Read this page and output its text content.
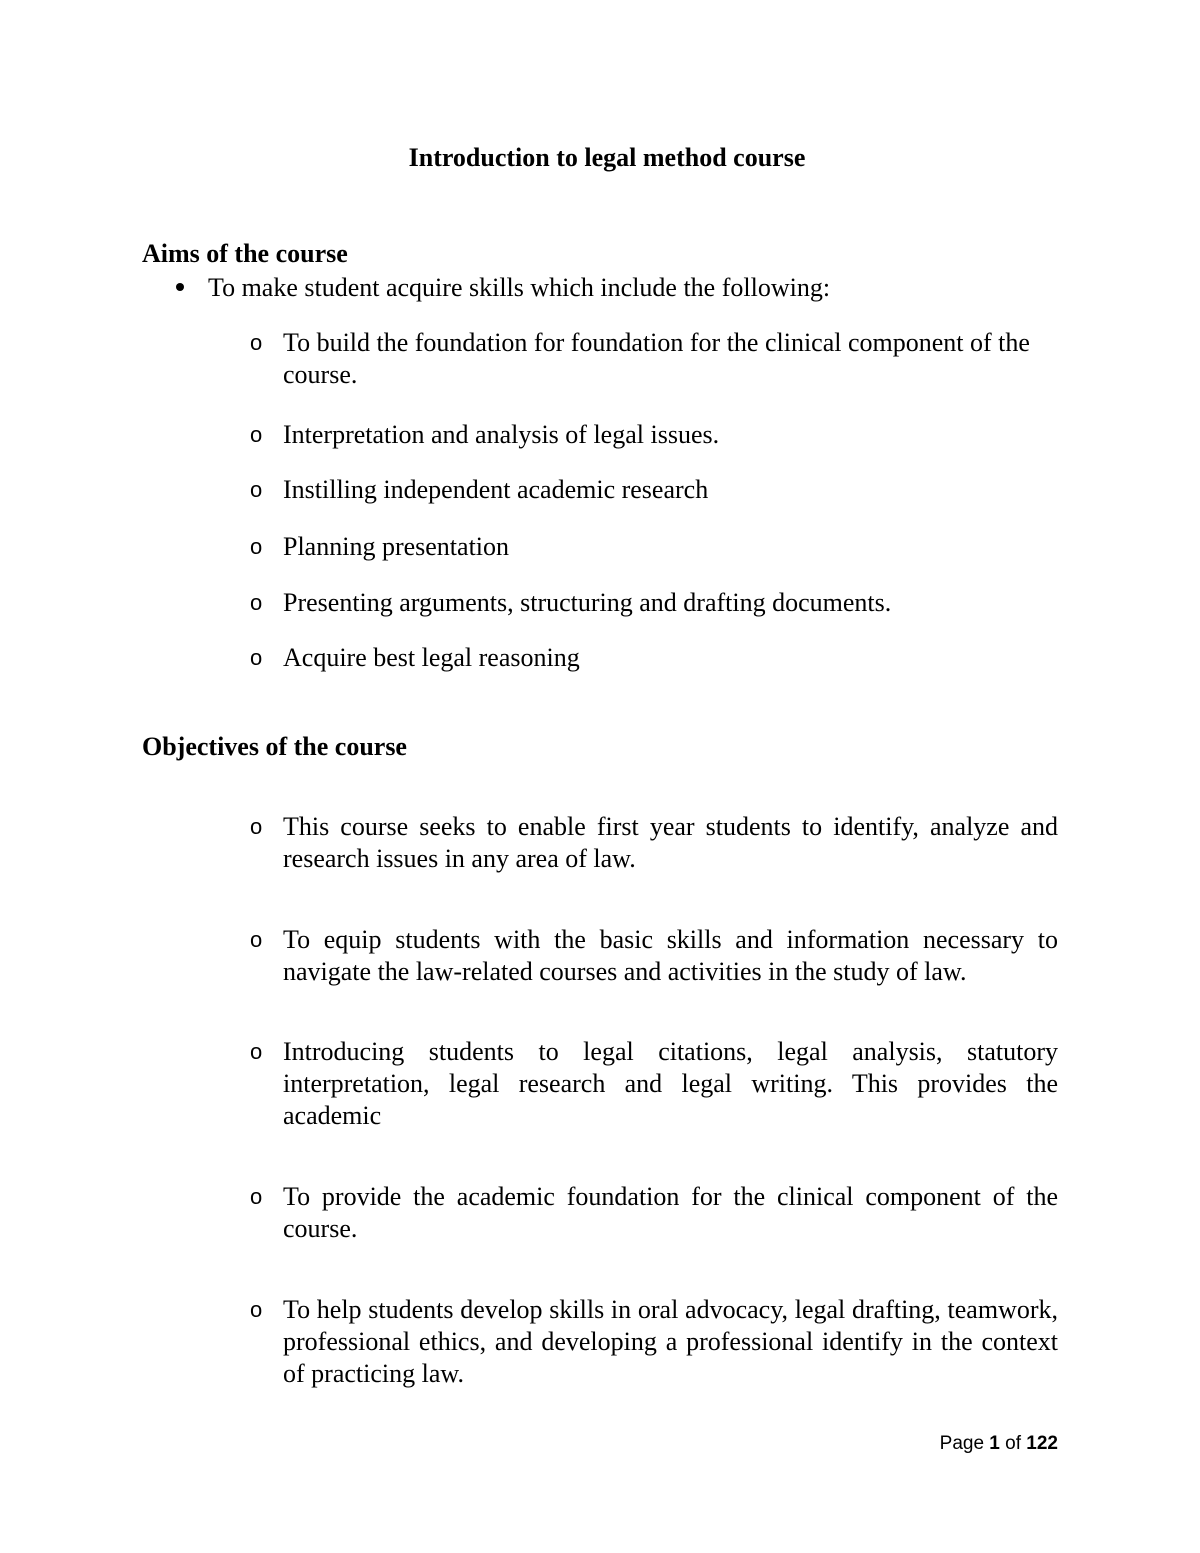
Introduction to legal method course
Aims of the course
To make student acquire skills which include the following:
o To build the foundation for foundation for the clinical component of the course.
o Interpretation and analysis of legal issues.
o Instilling independent academic research
o Planning presentation
o Presenting arguments, structuring and drafting documents.
o Acquire best legal reasoning
Objectives of the course
o This course seeks to enable first year students to identify, analyze and research issues in any area of law.
o To equip students with the basic skills and information necessary to navigate the law-related courses and activities in the study of law.
o Introducing students to legal citations, legal analysis, statutory interpretation, legal research and legal writing. This provides the academic
o To provide the academic foundation for the clinical component of the course.
o To help students develop skills in oral advocacy, legal drafting, teamwork, professional ethics, and developing a professional identify in the context of practicing law.
Page 1 of 122
